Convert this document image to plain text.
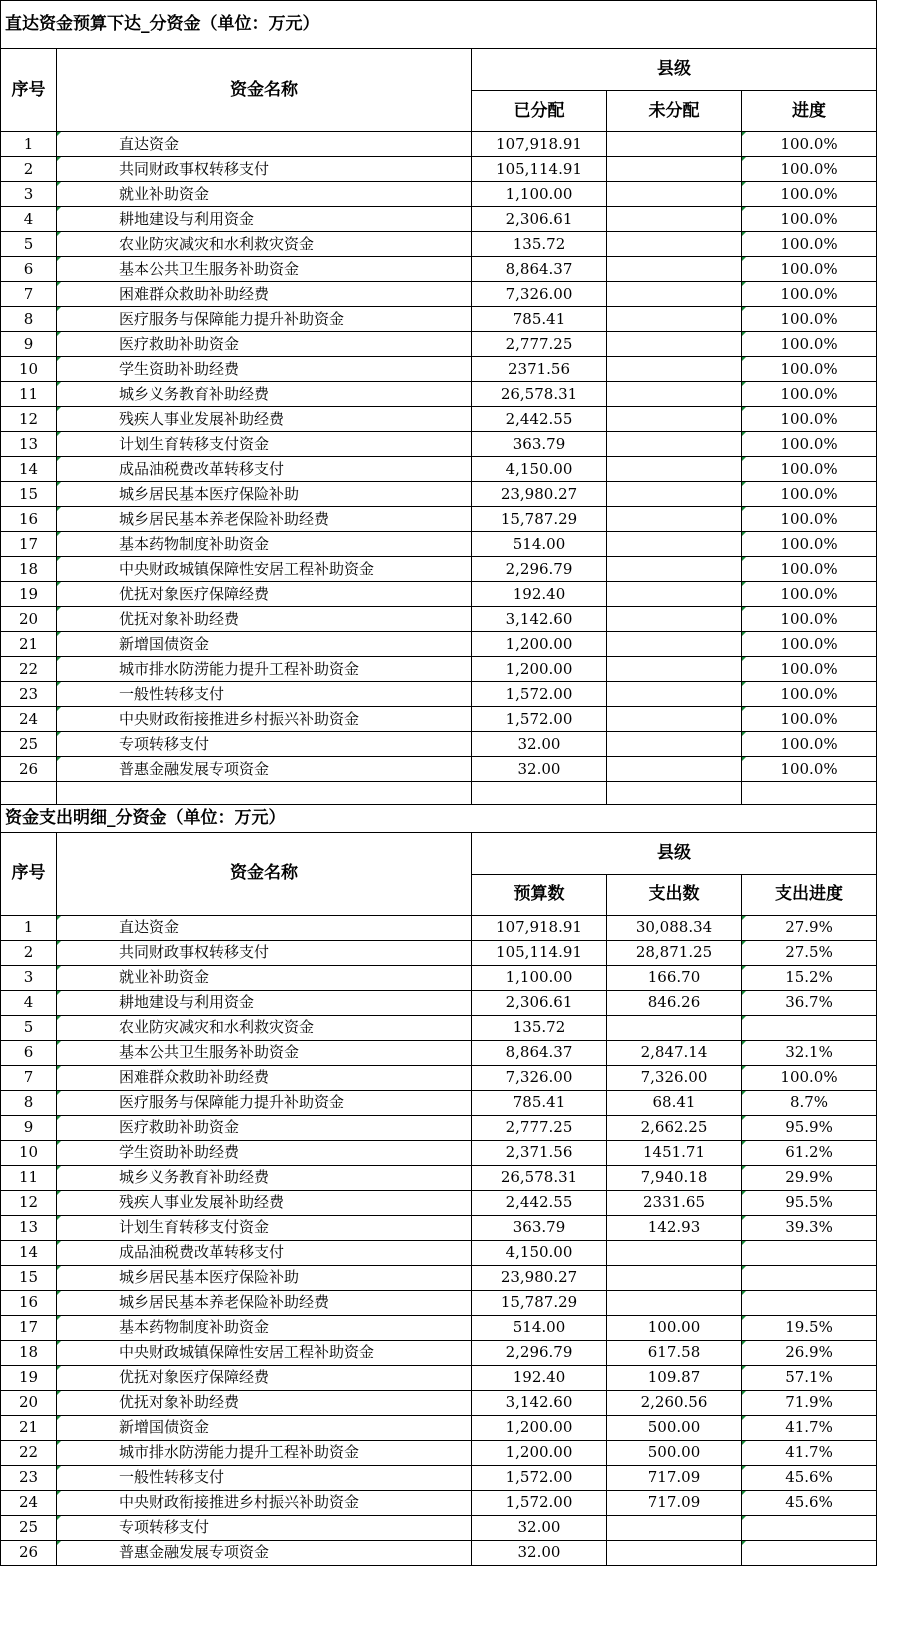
直达资金预算下达_分资金（单位：万元）				
序号	资金名称	县级		
		已分配	未分配	进度
1	直达资金	107,918.91		100.0%
2	共同财政事权转移支付	105,114.91		100.0%
3	就业补助资金	1,100.00		100.0%
4	耕地建设与利用资金	2,306.61		100.0%
5	农业防灾减灾和水利救灾资金	135.72		100.0%
6	基本公共卫生服务补助资金	8,864.37		100.0%
7	困难群众救助补助经费	7,326.00		100.0%
8	医疗服务与保障能力提升补助资金	785.41		100.0%
9	医疗救助补助资金	2,777.25		100.0%
10	学生资助补助经费	2371.56		100.0%
11	城乡义务教育补助经费	26,578.31		100.0%
12	残疾人事业发展补助经费	2,442.55		100.0%
13	计划生育转移支付资金	363.79		100.0%
14	成品油税费改革转移支付	4,150.00		100.0%
15	城乡居民基本医疗保险补助	23,980.27		100.0%
16	城乡居民基本养老保险补助经费	15,787.29		100.0%
17	基本药物制度补助资金	514.00		100.0%
18	中央财政城镇保障性安居工程补助资金	2,296.79		100.0%
19	优抚对象医疗保障经费	192.40		100.0%
20	优抚对象补助经费	3,142.60		100.0%
21	新增国债资金	1,200.00		100.0%
22	城市排水防涝能力提升工程补助资金	1,200.00		100.0%
23	一般性转移支付	1,572.00		100.0%
24	中央财政衔接推进乡村振兴补助资金	1,572.00		100.0%
25	专项转移支付	32.00		100.0%
26	普惠金融发展专项资金	32.00		100.0%

资金支出明细_分资金（单位：万元）				
序号	资金名称	县级		
		预算数	支出数	支出进度
1	直达资金	107,918.91	30,088.34	27.9%
2	共同财政事权转移支付	105,114.91	28,871.25	27.5%
3	就业补助资金	1,100.00	166.70	15.2%
4	耕地建设与利用资金	2,306.61	846.26	36.7%
5	农业防灾减灾和水利救灾资金	135.72		
6	基本公共卫生服务补助资金	8,864.37	2,847.14	32.1%
7	困难群众救助补助经费	7,326.00	7,326.00	100.0%
8	医疗服务与保障能力提升补助资金	785.41	68.41	8.7%
9	医疗救助补助资金	2,777.25	2,662.25	95.9%
10	学生资助补助经费	2,371.56	1451.71	61.2%
11	城乡义务教育补助经费	26,578.31	7,940.18	29.9%
12	残疾人事业发展补助经费	2,442.55	2331.65	95.5%
13	计划生育转移支付资金	363.79	142.93	39.3%
14	成品油税费改革转移支付	4,150.00		
15	城乡居民基本医疗保险补助	23,980.27		
16	城乡居民基本养老保险补助经费	15,787.29		
17	基本药物制度补助资金	514.00	100.00	19.5%
18	中央财政城镇保障性安居工程补助资金	2,296.79	617.58	26.9%
19	优抚对象医疗保障经费	192.40	109.87	57.1%
20	优抚对象补助经费	3,142.60	2,260.56	71.9%
21	新增国债资金	1,200.00	500.00	41.7%
22	城市排水防涝能力提升工程补助资金	1,200.00	500.00	41.7%
23	一般性转移支付	1,572.00	717.09	45.6%
24	中央财政衔接推进乡村振兴补助资金	1,572.00	717.09	45.6%
25	专项转移支付	32.00		
26	普惠金融发展专项资金	32.00		
